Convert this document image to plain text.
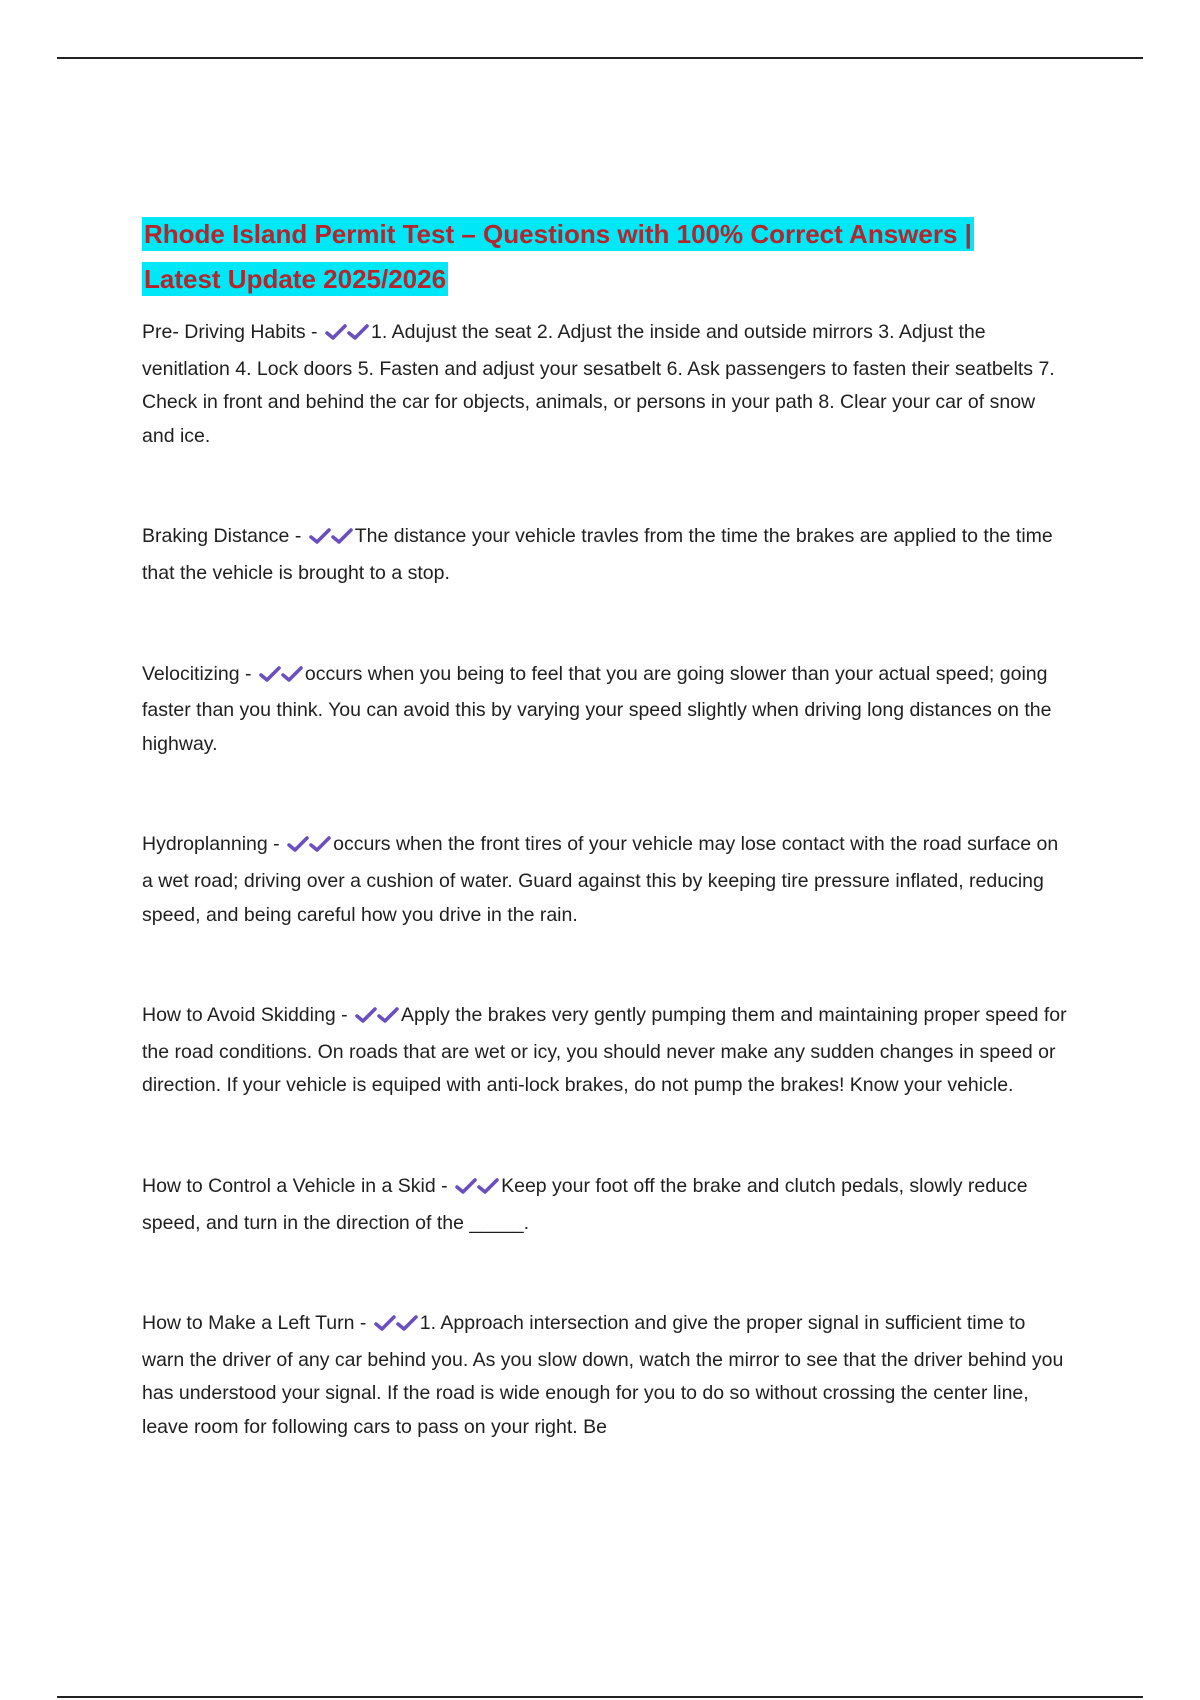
Rhode Island Permit Test – Questions with 100% Correct Answers |
Latest Update 2025/2026

Pre- Driving Habits - 1. Adujust the seat 2. Adjust the inside and outside mirrors 3. Adjust the venitlation 4. Lock doors 5. Fasten and adjust your sesatbelt 6. Ask passengers to fasten their seatbelts 7. Check in front and behind the car for objects, animals, or persons in your path 8. Clear your car of snow and ice.

Braking Distance - The distance your vehicle travles from the time the brakes are applied to the time that the vehicle is brought to a stop.

Velocitizing - occurs when you being to feel that you are going slower than your actual speed; going faster than you think. You can avoid this by varying your speed slightly when driving long distances on the highway.

Hydroplanning - occurs when the front tires of your vehicle may lose contact with the road surface on a wet road; driving over a cushion of water. Guard against this by keeping tire pressure inflated, reducing speed, and being careful how you drive in the rain.

How to Avoid Skidding - Apply the brakes very gently pumping them and maintaining proper speed for the road conditions. On roads that are wet or icy, you should never make any sudden changes in speed or direction. If your vehicle is equiped with anti-lock brakes, do not pump the brakes! Know your vehicle.

How to Control a Vehicle in a Skid - Keep your foot off the brake and clutch pedals, slowly reduce speed, and turn in the direction of the _____.

How to Make a Left Turn - 1. Approach intersection and give the proper signal in sufficient time to warn the driver of any car behind you. As you slow down, watch the mirror to see that the driver behind you has understood your signal. If the road is wide enough for you to do so without crossing the center line, leave room for following cars to pass on your right. Be
